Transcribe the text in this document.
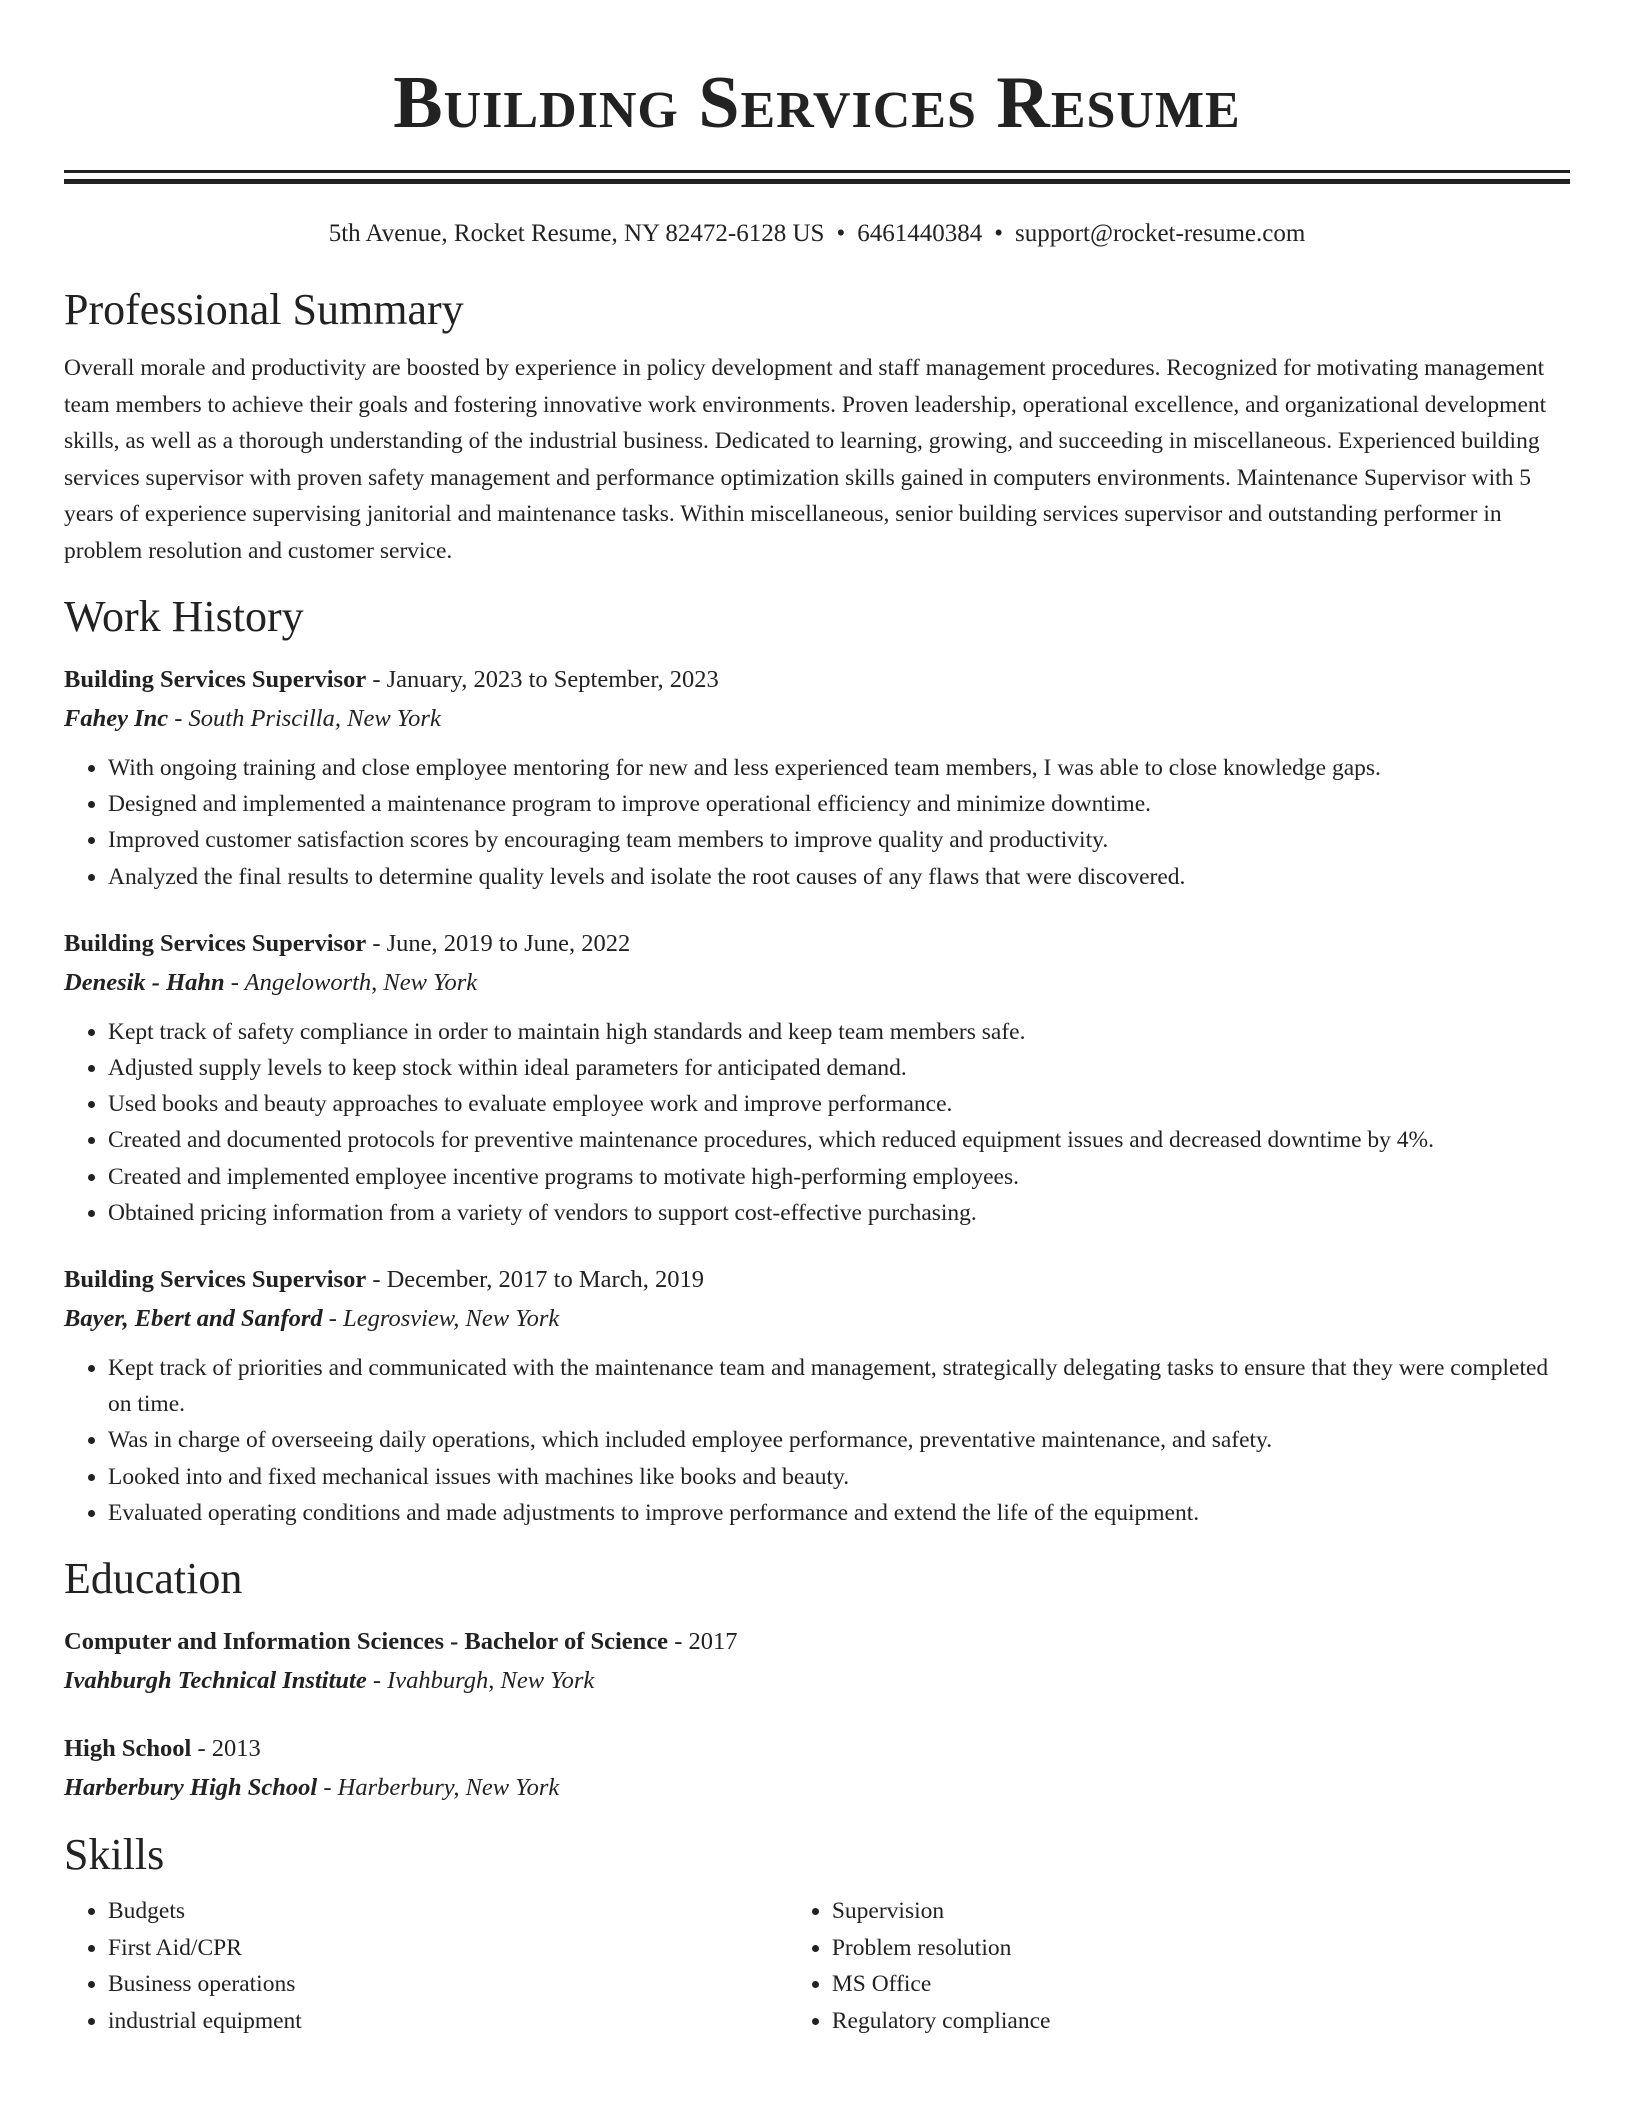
Building Services Resume
5th Avenue, Rocket Resume, NY 82472-6128 US • 6461440384 • support@rocket-resume.com
Professional Summary
Overall morale and productivity are boosted by experience in policy development and staff management procedures. Recognized for motivating management team members to achieve their goals and fostering innovative work environments. Proven leadership, operational excellence, and organizational development skills, as well as a thorough understanding of the industrial business. Dedicated to learning, growing, and succeeding in miscellaneous. Experienced building services supervisor with proven safety management and performance optimization skills gained in computers environments. Maintenance Supervisor with 5 years of experience supervising janitorial and maintenance tasks. Within miscellaneous, senior building services supervisor and outstanding performer in problem resolution and customer service.
Work History
Building Services Supervisor - January, 2023 to September, 2023
Fahey Inc - South Priscilla, New York
• With ongoing training and close employee mentoring for new and less experienced team members, I was able to close knowledge gaps.
• Designed and implemented a maintenance program to improve operational efficiency and minimize downtime.
• Improved customer satisfaction scores by encouraging team members to improve quality and productivity.
• Analyzed the final results to determine quality levels and isolate the root causes of any flaws that were discovered.
Building Services Supervisor - June, 2019 to June, 2022
Denesik - Hahn - Angeloworth, New York
• Kept track of safety compliance in order to maintain high standards and keep team members safe.
• Adjusted supply levels to keep stock within ideal parameters for anticipated demand.
• Used books and beauty approaches to evaluate employee work and improve performance.
• Created and documented protocols for preventive maintenance procedures, which reduced equipment issues and decreased downtime by 4%.
• Created and implemented employee incentive programs to motivate high-performing employees.
• Obtained pricing information from a variety of vendors to support cost-effective purchasing.
Building Services Supervisor - December, 2017 to March, 2019
Bayer, Ebert and Sanford - Legrosview, New York
• Kept track of priorities and communicated with the maintenance team and management, strategically delegating tasks to ensure that they were completed on time.
• Was in charge of overseeing daily operations, which included employee performance, preventative maintenance, and safety.
• Looked into and fixed mechanical issues with machines like books and beauty.
• Evaluated operating conditions and made adjustments to improve performance and extend the life of the equipment.
Education
Computer and Information Sciences - Bachelor of Science - 2017
Ivahburgh Technical Institute - Ivahburgh, New York
High School - 2013
Harberbury High School - Harberbury, New York
Skills
• Budgets
• First Aid/CPR
• Business operations
• industrial equipment
• Supervision
• Problem resolution
• MS Office
• Regulatory compliance
